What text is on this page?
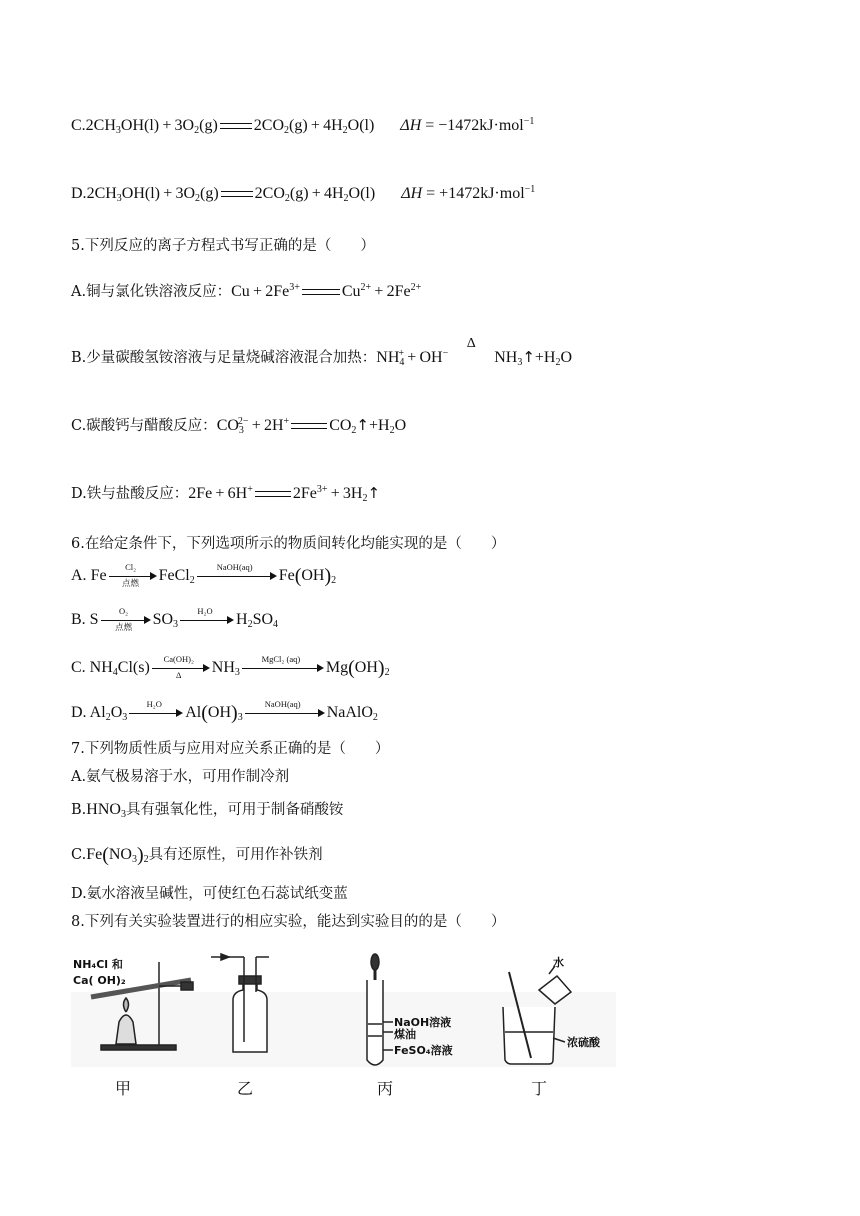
$C.2CH_3OH(l) + 3O_2(g) 2CO_2(g) + 4H_2O(l) \Delta H = -1472kJ\cdot mol^{-1}$
$D.2CH_3OH(l) + 3O_2(g) 2CO_2(g) + 4H_2O(l) \Delta H = +1472kJ\cdot mol^{-1}$
5.下列反应的离子方程式书写正确的是（　　）
A.铜与氯化铁溶液反应：$Cu + 2Fe^{3+}$	$Cu^{2+} + 2Fe^{2+}$
B.少量碳酸氢铵溶液与足量烧碱溶液混合加热：$NH_4^+ + OH^-$
Δ
$NH_3↑+H_2O$
C.碳酸钙与醋酸反应：$CO_3^{2-} + 2H^+$	$CO_2↑+H_2O$
D.铁与盐酸反应：2Fe + 6H+	$2Fe^{3+}$ + $3H_2↑$
6.在给定条件下，下列选项所示的物质间转化均能实现的是（　　）
A. Fe	Cl₂
点燃	FeCl$_2$
NaOH(aq)	$Fe(OH)_2$
B. S	O₂
点燃	$SO_3$
H₂O	$H_2SO_4$
C. $NH_4Cl(s) \frac{\text{Ca(OH)₂}}{\Delta} NH_3$
MgCl₂ (aq)	$Mg(OH)_2$
D. $Al_2O_3$
H₂O	$Al(OH)_3$
NaOH(aq)	NaAlO$_2$
7.下列物质性质与应用对应关系正确的是（　　）
A.氨气极易溶于水，可用作制冷剂
$B.HNO_3$具有强氧化性，可用于制备硝酸铵
$C.Fe(NO_3)_2$具有还原性，可用作补铁剂
D.氨水溶液呈碱性，可使红色石蕊试纸变蓝
8.下列有关实验装置进行的相应实验，能达到实验目的的是（　　）
NH₄Cl 和
Ca( OH)₂
NaOH溶液
煤油
FeSO₄溶液
水
浓硫酸
甲	乙	丙	丁
